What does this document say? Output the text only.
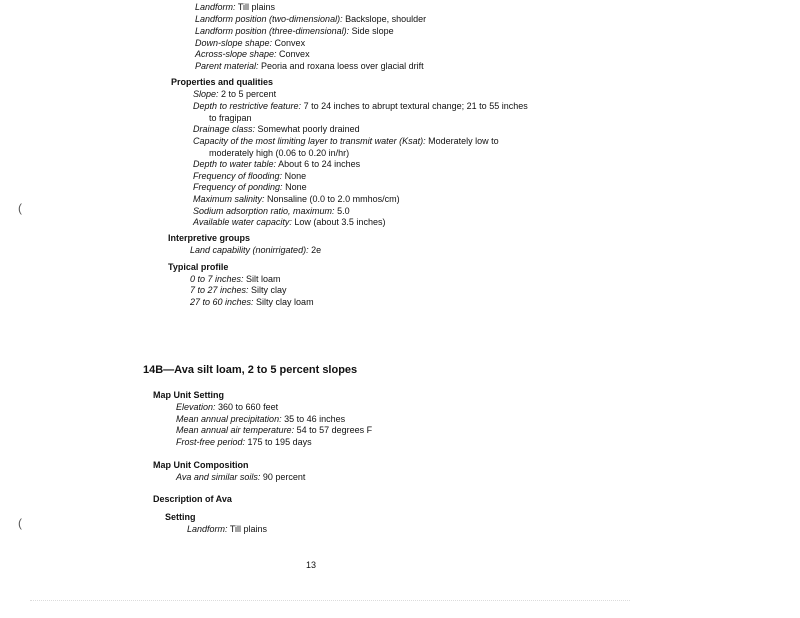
Landform: Till plains
Landform position (two-dimensional): Backslope, shoulder
Landform position (three-dimensional): Side slope
Down-slope shape: Convex
Across-slope shape: Convex
Parent material: Peoria and roxana loess over glacial drift
Properties and qualities
Slope: 2 to 5 percent
Depth to restrictive feature: 7 to 24 inches to abrupt textural change; 21 to 55 inches
to fragipan
Drainage class: Somewhat poorly drained
Capacity of the most limiting layer to transmit water (Ksat): Moderately low to
moderately high (0.06 to 0.20 in/hr)
Depth to water table: About 6 to 24 inches
Frequency of flooding: None
Frequency of ponding: None
Maximum salinity: Nonsaline (0.0 to 2.0 mmhos/cm)
Sodium adsorption ratio, maximum: 5.0
Available water capacity: Low (about 3.5 inches)
Interpretive groups
Land capability (nonirrigated): 2e
Typical profile
0 to 7 inches: Silt loam
7 to 27 inches: Silty clay
27 to 60 inches: Silty clay loam
14B—Ava silt loam, 2 to 5 percent slopes
Map Unit Setting
Elevation: 360 to 660 feet
Mean annual precipitation: 35 to 46 inches
Mean annual air temperature: 54 to 57 degrees F
Frost-free period: 175 to 195 days
Map Unit Composition
Ava and similar soils: 90 percent
Description of Ava
Setting
Landform: Till plains
13
(
(
